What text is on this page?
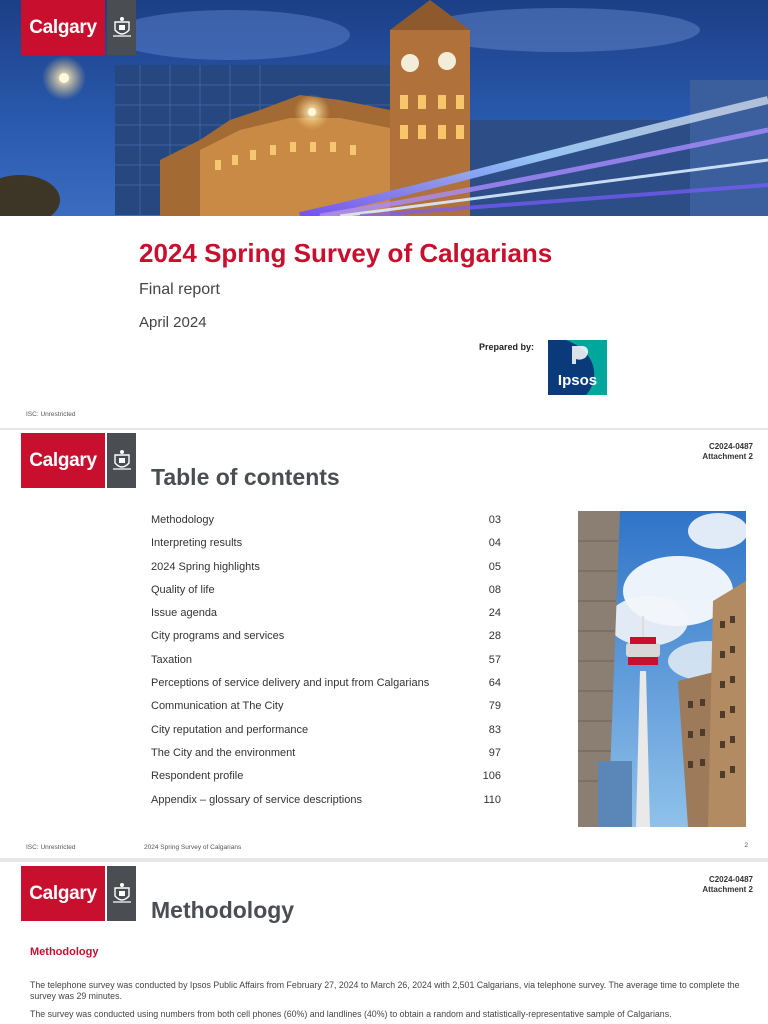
Calgary
2024 Spring Survey of Calgarians
Final report
April 2024
Prepared by:
Ipsos
ISC: Unrestricted
Calgary
C2024-0487
Attachment 2
Table of contents
Methodology	03
Interpreting results	04
2024 Spring highlights	05
Quality of life	08
Issue agenda	24
City programs and services	28
Taxation	57
Perceptions of service delivery and input from Calgarians	64
Communication at The City	79
City reputation and performance	83
The City and the environment	97
Respondent profile	106
Appendix – glossary of service descriptions	110
ISC: Unrestricted	2024 Spring Survey of Calgarians	2
Calgary
C2024-0487
Attachment 2
Methodology
Methodology

The telephone survey was conducted by Ipsos Public Affairs from February 27, 2024 to March 26, 2024 with 2,501 Calgarians, via telephone survey. The average time to complete the survey was 29 minutes.

The survey was conducted using numbers from both cell phones (60%) and landlines (40%) to obtain a random and statistically-representative sample of Calgarians.
